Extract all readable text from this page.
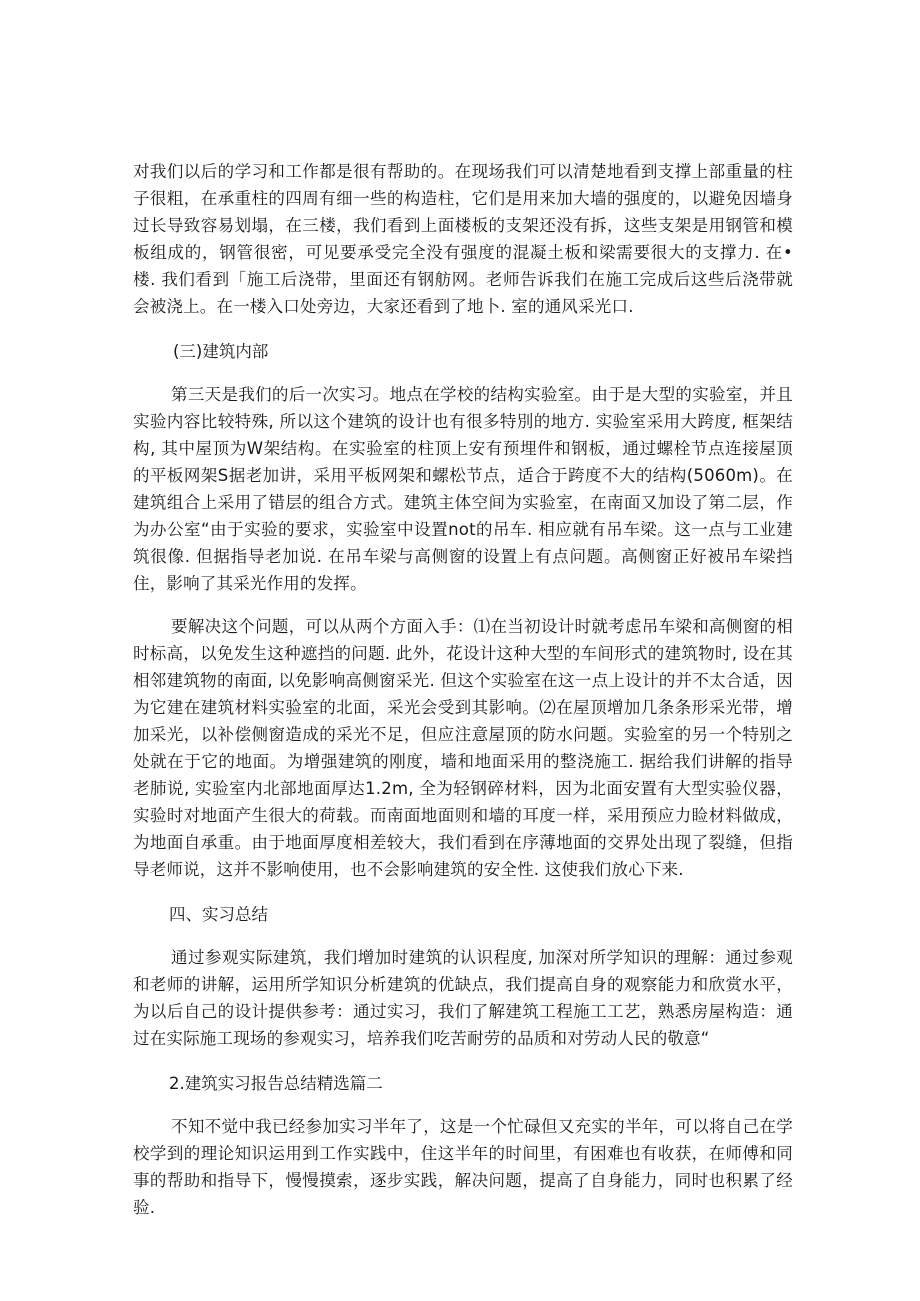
对我们以后的学习和工作都是很有帮助的。在现场我们可以清楚地看到支撑上部重量的柱子很粗，在承重柱的四周有细一些的构造柱，它们是用来加大墙的强度的，以避免因墙身过长导致容易划塌，在三楼，我们看到上面楼板的支架还没有拆，这些支架是用钢管和模板组成的，钢管很密，可见要承受完全没有强度的混凝土板和梁需要很大的支撑力. 在•楼. 我们看到「施工后浇带，里面还有钢舫网。老师告诉我们在施工完成后这些后浇带就会被浇上。在一楼入口处旁边，大家还看到了地卜. 室的通风采光口.

(三)建筑内部

第三天是我们的后一次实习。地点在学校的结构实验室。由于是大型的实验室，并且实验内容比较特殊, 所以这个建筑的设计也有很多特別的地方. 实验室采用大跨度, 框架结构, 其中屋顶为W架结构。在实验室的柱顶上安有预埋件和钢板，通过螺栓节点连接屋顶的平板网架S据老加讲，采用平板网架和螺松节点，适合于跨度不大的结构(5060m)。在建筑组合上采用了错层的组合方式。建筑主体空间为实验室，在南面又加设了第二层，作为办公室“由于实验的要求，实验室中设置not的吊车. 相应就有吊车梁。这一点与工业建筑很像. 但据指导老加说. 在吊车梁与高侧窗的设置上有点问题。高侧窗正好被吊车梁挡住，影响了其采光作用的发挥。

要解决这个问题，可以从两个方面入手：⑴在当初设计时就考虑吊车梁和高侧窗的相时标高，以免发生这种遮挡的问题. 此外，花设计这种大型的车间形式的建筑物时, 设在其相邻建筑物的南面, 以免影响高侧窗采光. 但这个实验室在这一点上设计的并不太合适，因为它建在建筑材料实验室的北面，采光会受到其影响。⑵在屋顶增加几条条形采光带，增加采光，以补偿侧窗造成的采光不足，但应注意屋顶的防水问题。实验室的另一个特别之处就在于它的地面。为增强建筑的刚度，墙和地面采用的整浇施工. 据给我们讲解的指导老肺说, 实验室内北部地面厚达1.2m, 全为轻钢碎材料，因为北面安置有大型实验仪器，实验时对地面产生很大的荷载。而南面地面则和墙的耳度一样，采用预应力睑材料做成，为地面自承重。由于地面厚度相差较大，我们看到在序薄地面的交界处出现了裂缝，但指导老师说，这并不影响使用，也不会影响建筑的安全性. 这使我们放心下来.

四、实习总结

通过参观实际建筑，我们增加时建筑的认识程度, 加深对所学知识的理解：通过参观和老师的讲解，运用所学知识分析建筑的优缺点，我们提高自身的观察能力和欣赏水平，为以后自己的设计提供参考：通过实习，我们了解建筑工程施工工艺，熟悉房屋构造：通过在实际施工现场的参观实习，培养我们吃苦耐劳的品质和对劳动人民的敬意“

2.建筑实习报告总结精选篇二

不知不觉中我已经参加实习半年了，这是一个忙碌但又充实的半年，可以将自己在学校学到的理论知识运用到工作实践中，住这半年的时间里，有困难也有收获，在师傅和同事的帮助和指导下，慢慢摸索，逐步实践，解决问题，提高了自身能力，同时也积累了经验.
